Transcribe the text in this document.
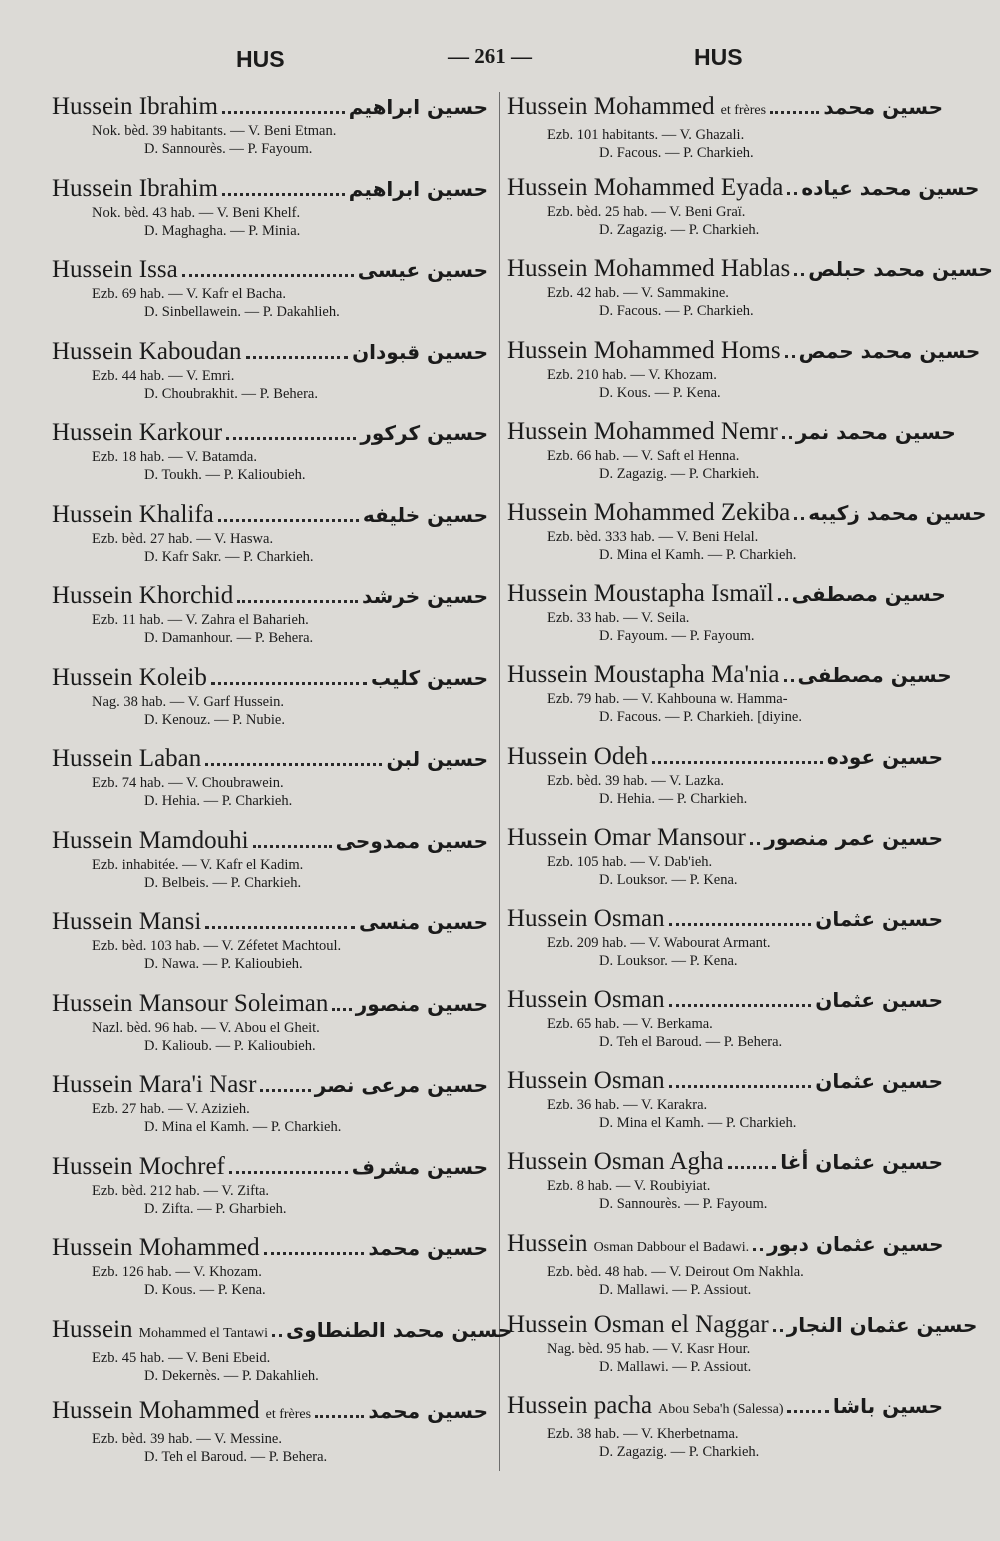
HUS	— 261 —	HUS
Hussein Ibrahim	حسين ابراهيم
Nok. bèd. 39 habitants. — V. Beni Etman.
D. Sannourès. — P. Fayoum.
Hussein Ibrahim	حسين ابراهيم
Nok. bèd. 43 hab. — V. Beni Khelf.
D. Maghagha. — P. Minia.
Hussein Issa	حسين عيسى
Ezb. 69 hab. — V. Kafr el Bacha.
D. Sinbellawein. — P. Dakahlieh.
Hussein Kaboudan	حسين قبودان
Ezb. 44 hab. — V. Emri.
D. Choubrakhit. — P. Behera.
Hussein Karkour	حسين كركور
Ezb. 18 hab. — V. Batamda.
D. Toukh. — P. Kalioubieh.
Hussein Khalifa	حسين خليفه
Ezb. bèd. 27 hab. — V. Haswa.
D. Kafr Sakr. — P. Charkieh.
Hussein Khorchid	حسين خرشد
Ezb. 11 hab. — V. Zahra el Baharieh.
D. Damanhour. — P. Behera.
Hussein Koleib	حسين كليب
Nag. 38 hab. — V. Garf Hussein.
D. Kenouz. — P. Nubie.
Hussein Laban	حسين لبن
Ezb. 74 hab. — V. Choubrawein.
D. Hehia. — P. Charkieh.
Hussein Mamdouhi	حسين ممدوحى
Ezb. inhabitée. — V. Kafr el Kadim.
D. Belbeis. — P. Charkieh.
Hussein Mansi	حسين منسى
Ezb. bèd. 103 hab. — V. Zéfetet Machtoul.
D. Nawa. — P. Kalioubieh.
Hussein Mansour Soleiman حسين منصور
Nazl. bèd. 96 hab. — V. Abou el Gheit.
D. Kalioub. — P. Kalioubieh.
Hussein Mara'i Nasr	حسين مرعى نصر
Ezb. 27 hab. — V. Azizieh.
D. Mina el Kamh. — P. Charkieh.
Hussein Mochref	حسين مشرف
Ezb. bèd. 212 hab. — V. Zifta.
D. Zifta. — P. Gharbieh.
Hussein Mohammed	حسين محمد
Ezb. 126 hab. — V. Khozam.
D. Kous. — P. Kena.
Hussein Mohammed el Tantawi حسين محمد الطنطاوى
Ezb. 45 hab. — V. Beni Ebeid.
D. Dekernès. — P. Dakahlieh.
Hussein Mohammed et frères	حسين محمد
Ezb. bèd. 39 hab. — V. Messine.
D. Teh el Baroud. — P. Behera.
Hussein Mohammed et frères	حسين محمد
Ezb. 101 habitants. — V. Ghazali.
D. Facous. — P. Charkieh.
Hussein Mohammed Eyada حسين محمد عياده
Ezb. bèd. 25 hab. — V. Beni Graï.
D. Zagazig. — P. Charkieh.
Hussein Mohammed Hablas حسين محمد حبلص
Ezb. 42 hab. — V. Sammakine.
D. Facous. — P. Charkieh.
Hussein Mohammed Homs حسين محمد حمص
Ezb. 210 hab. — V. Khozam.
D. Kous. — P. Kena.
Hussein Mohammed Nemr حسين محمد نمر
Ezb. 66 hab. — V. Saft el Henna.
D. Zagazig. — P. Charkieh.
Hussein Mohammed Zekiba حسين محمد زكيبه
Ezb. bèd. 333 hab. — V. Beni Helal.
D. Mina el Kamh. — P. Charkieh.
Hussein Moustapha Ismaïl حسين مصطفى
Ezb. 33 hab. — V. Seila.
D. Fayoum. — P. Fayoum.
Hussein Moustapha Ma'nia حسين مصطفى
Ezb. 79 hab. — V. Kahbouna w. Hamma-
D. Facous. — P. Charkieh. [diyine.
Hussein Odeh	حسين عوده
Ezb. bèd. 39 hab. — V. Lazka.
D. Hehia. — P. Charkieh.
Hussein Omar Mansour حسين عمر منصور
Ezb. 105 hab. — V. Dab'ieh.
D. Louksor. — P. Kena.
Hussein Osman	حسين عثمان
Ezb. 209 hab. — V. Wabourat Armant.
D. Louksor. — P. Kena.
Hussein Osman	حسين عثمان
Ezb. 65 hab. — V. Berkama.
D. Teh el Baroud. — P. Behera.
Hussein Osman	حسين عثمان
Ezb. 36 hab. — V. Karakra.
D. Mina el Kamh. — P. Charkieh.
Hussein Osman Agha	حسين عثمان أغا
Ezb. 8 hab. — V. Roubiyiat.
D. Sannourès. — P. Fayoum.
Hussein Osman Dabbour el Badawi. حسين عثمان دبور
Ezb. bèd. 48 hab. — V. Deirout Om Nakhla.
D. Mallawi. — P. Assiout.
Hussein Osman el Naggar حسين عثمان النجار
Nag. bèd. 95 hab. — V. Kasr Hour.
D. Mallawi. — P. Assiout.
Hussein pacha Abou Seba'h (Salessa) حسين باشا
Ezb. 38 hab. — V. Kherbetnama.
D. Zagazig. — P. Charkieh.
